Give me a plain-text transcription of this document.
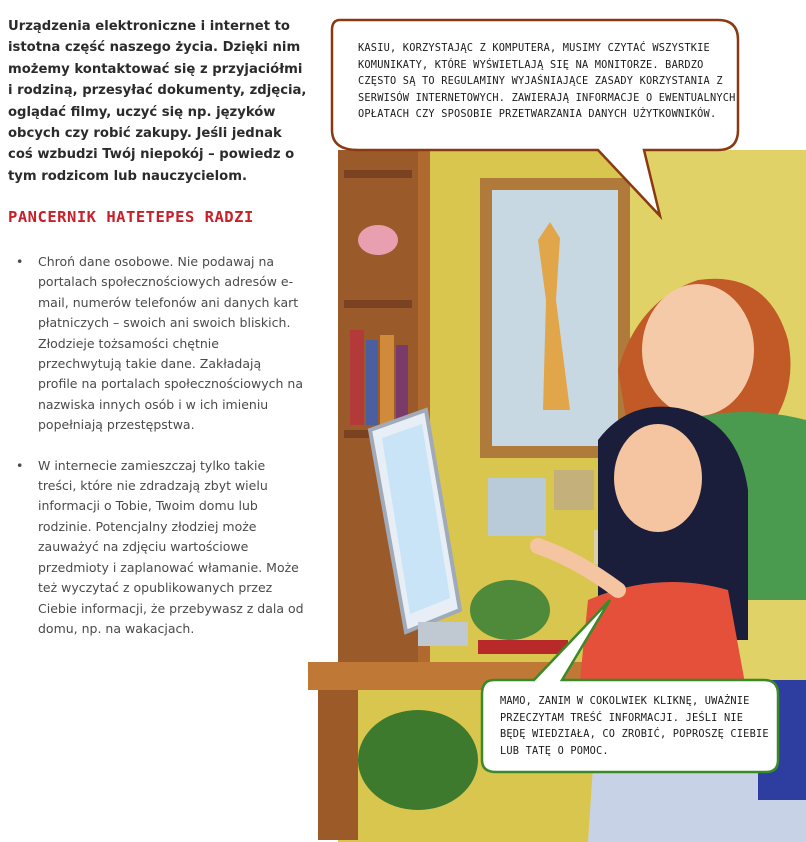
Urządzenia elektroniczne i internet to istotna część naszego życia. Dzięki nim możemy kontaktować się z przyjaciółmi i rodziną, przesyłać dokumenty, zdjęcia, oglądać filmy, uczyć się np. języków obcych czy robić zakupy. Jeśli jednak coś wzbudzi Twój niepokój – powiedz o tym rodzicom lub nauczycielom.

PANCERNIK HATETEPES RADZI
• Chroń dane osobowe. Nie podawaj na portalach społecznościowych adresów e-mail, numerów telefonów ani danych kart płatniczych – swoich ani swoich bliskich. Złodzieje tożsamości chętnie przechwytują takie dane. Zakładają profile na portalach społecznościowych na nazwiska innych osób i w ich imieniu popełniają przestępstwa.
• W internecie zamieszczaj tylko takie treści, które nie zdradzają zbyt wielu informacji o Tobie, Twoim domu lub rodzinie. Potencjalny złodziej może zauważyć na zdjęciu wartościowe przedmioty i zaplanować włamanie. Może też wyczytać z opublikowanych przez Ciebie informacji, że przebywasz z dala od domu, np. na wakacjach.

KASIU, KORZYSTAJĄC Z KOMPUTERA, MUSIMY CZYTAĆ WSZYSTKIE KOMUNIKATY, KTÓRE WYŚWIETLAJĄ SIĘ NA MONITORZE. BARDZO CZĘSTO SĄ TO REGULAMINY WYJAŚNIAJĄCE ZASADY KORZYSTANIA Z SERWISÓW INTERNETOWYCH. ZAWIERAJĄ INFORMACJE O EWENTUALNYCH OPŁATACH CZY SPOSOBIE PRZETWARZANIA DANYCH UŻYTKOWNIKÓW.

MAMO, ZANIM W COKOLWIEK KLIKNĘ, UWAŻNIE PRZECZYTAM TREŚĆ INFORMACJI. JEŚLI NIE BĘDĘ WIEDZIAŁA, CO ZROBIĆ, POPROSZĘ CIEBIE LUB TATĘ O POMOC.
